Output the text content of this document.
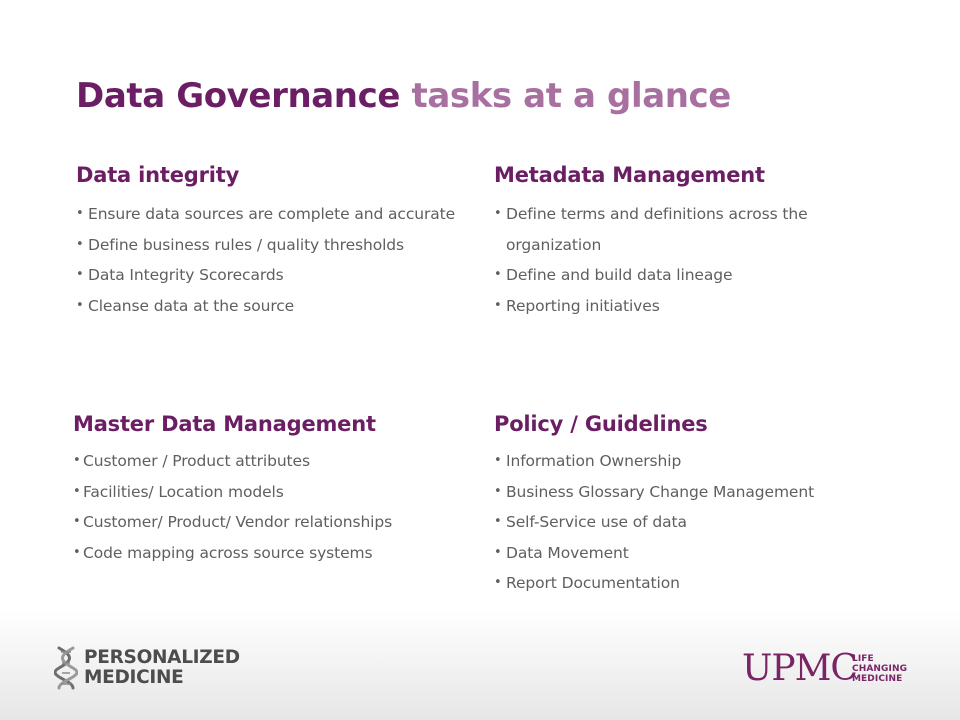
Data Governance tasks at a glance
Data integrity
• Ensure data sources are complete and accurate
• Define business rules / quality thresholds
• Data Integrity Scorecards
• Cleanse data at the source
Metadata Management
• Define terms and definitions across the organization
• Define and build data lineage
• Reporting initiatives
Master Data Management
• Customer / Product attributes
• Facilities/ Location models
• Customer/ Product/ Vendor relationships
• Code mapping across source systems
Policy / Guidelines
• Information Ownership
• Business Glossary Change Management
• Self-Service use of data
• Data Movement
• Report Documentation
PERSONALIZED
MEDICINE	UPMC
LIFE
CHANGING
MEDICINE
